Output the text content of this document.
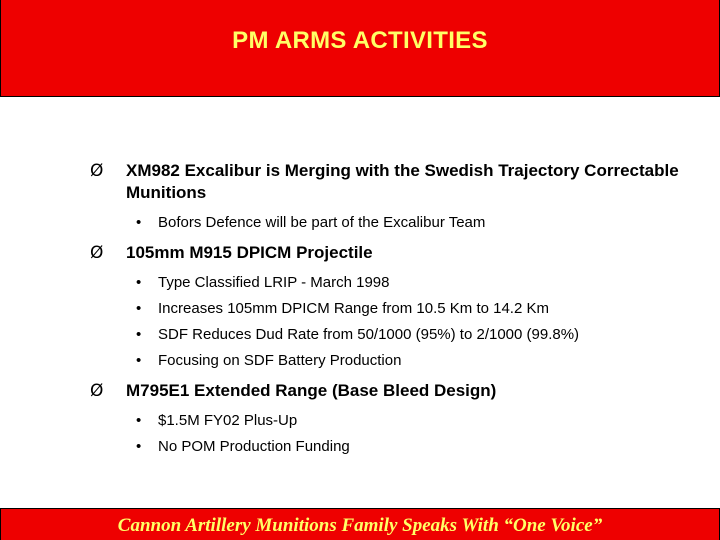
PM ARMS ACTIVITIES
Ø XM982 Excalibur is Merging with the Swedish Trajectory Correctable Munitions
• Bofors Defence will be part of the Excalibur Team
Ø 105mm M915 DPICM Projectile
• Type Classified LRIP - March 1998
• Increases 105mm DPICM Range from 10.5 Km to 14.2 Km
• SDF Reduces Dud Rate from 50/1000 (95%) to 2/1000 (99.8%)
• Focusing on SDF Battery Production
Ø M795E1 Extended Range (Base Bleed Design)
• $1.5M FY02 Plus-Up
• No POM Production Funding
Cannon Artillery Munitions Family Speaks With “One Voice”
